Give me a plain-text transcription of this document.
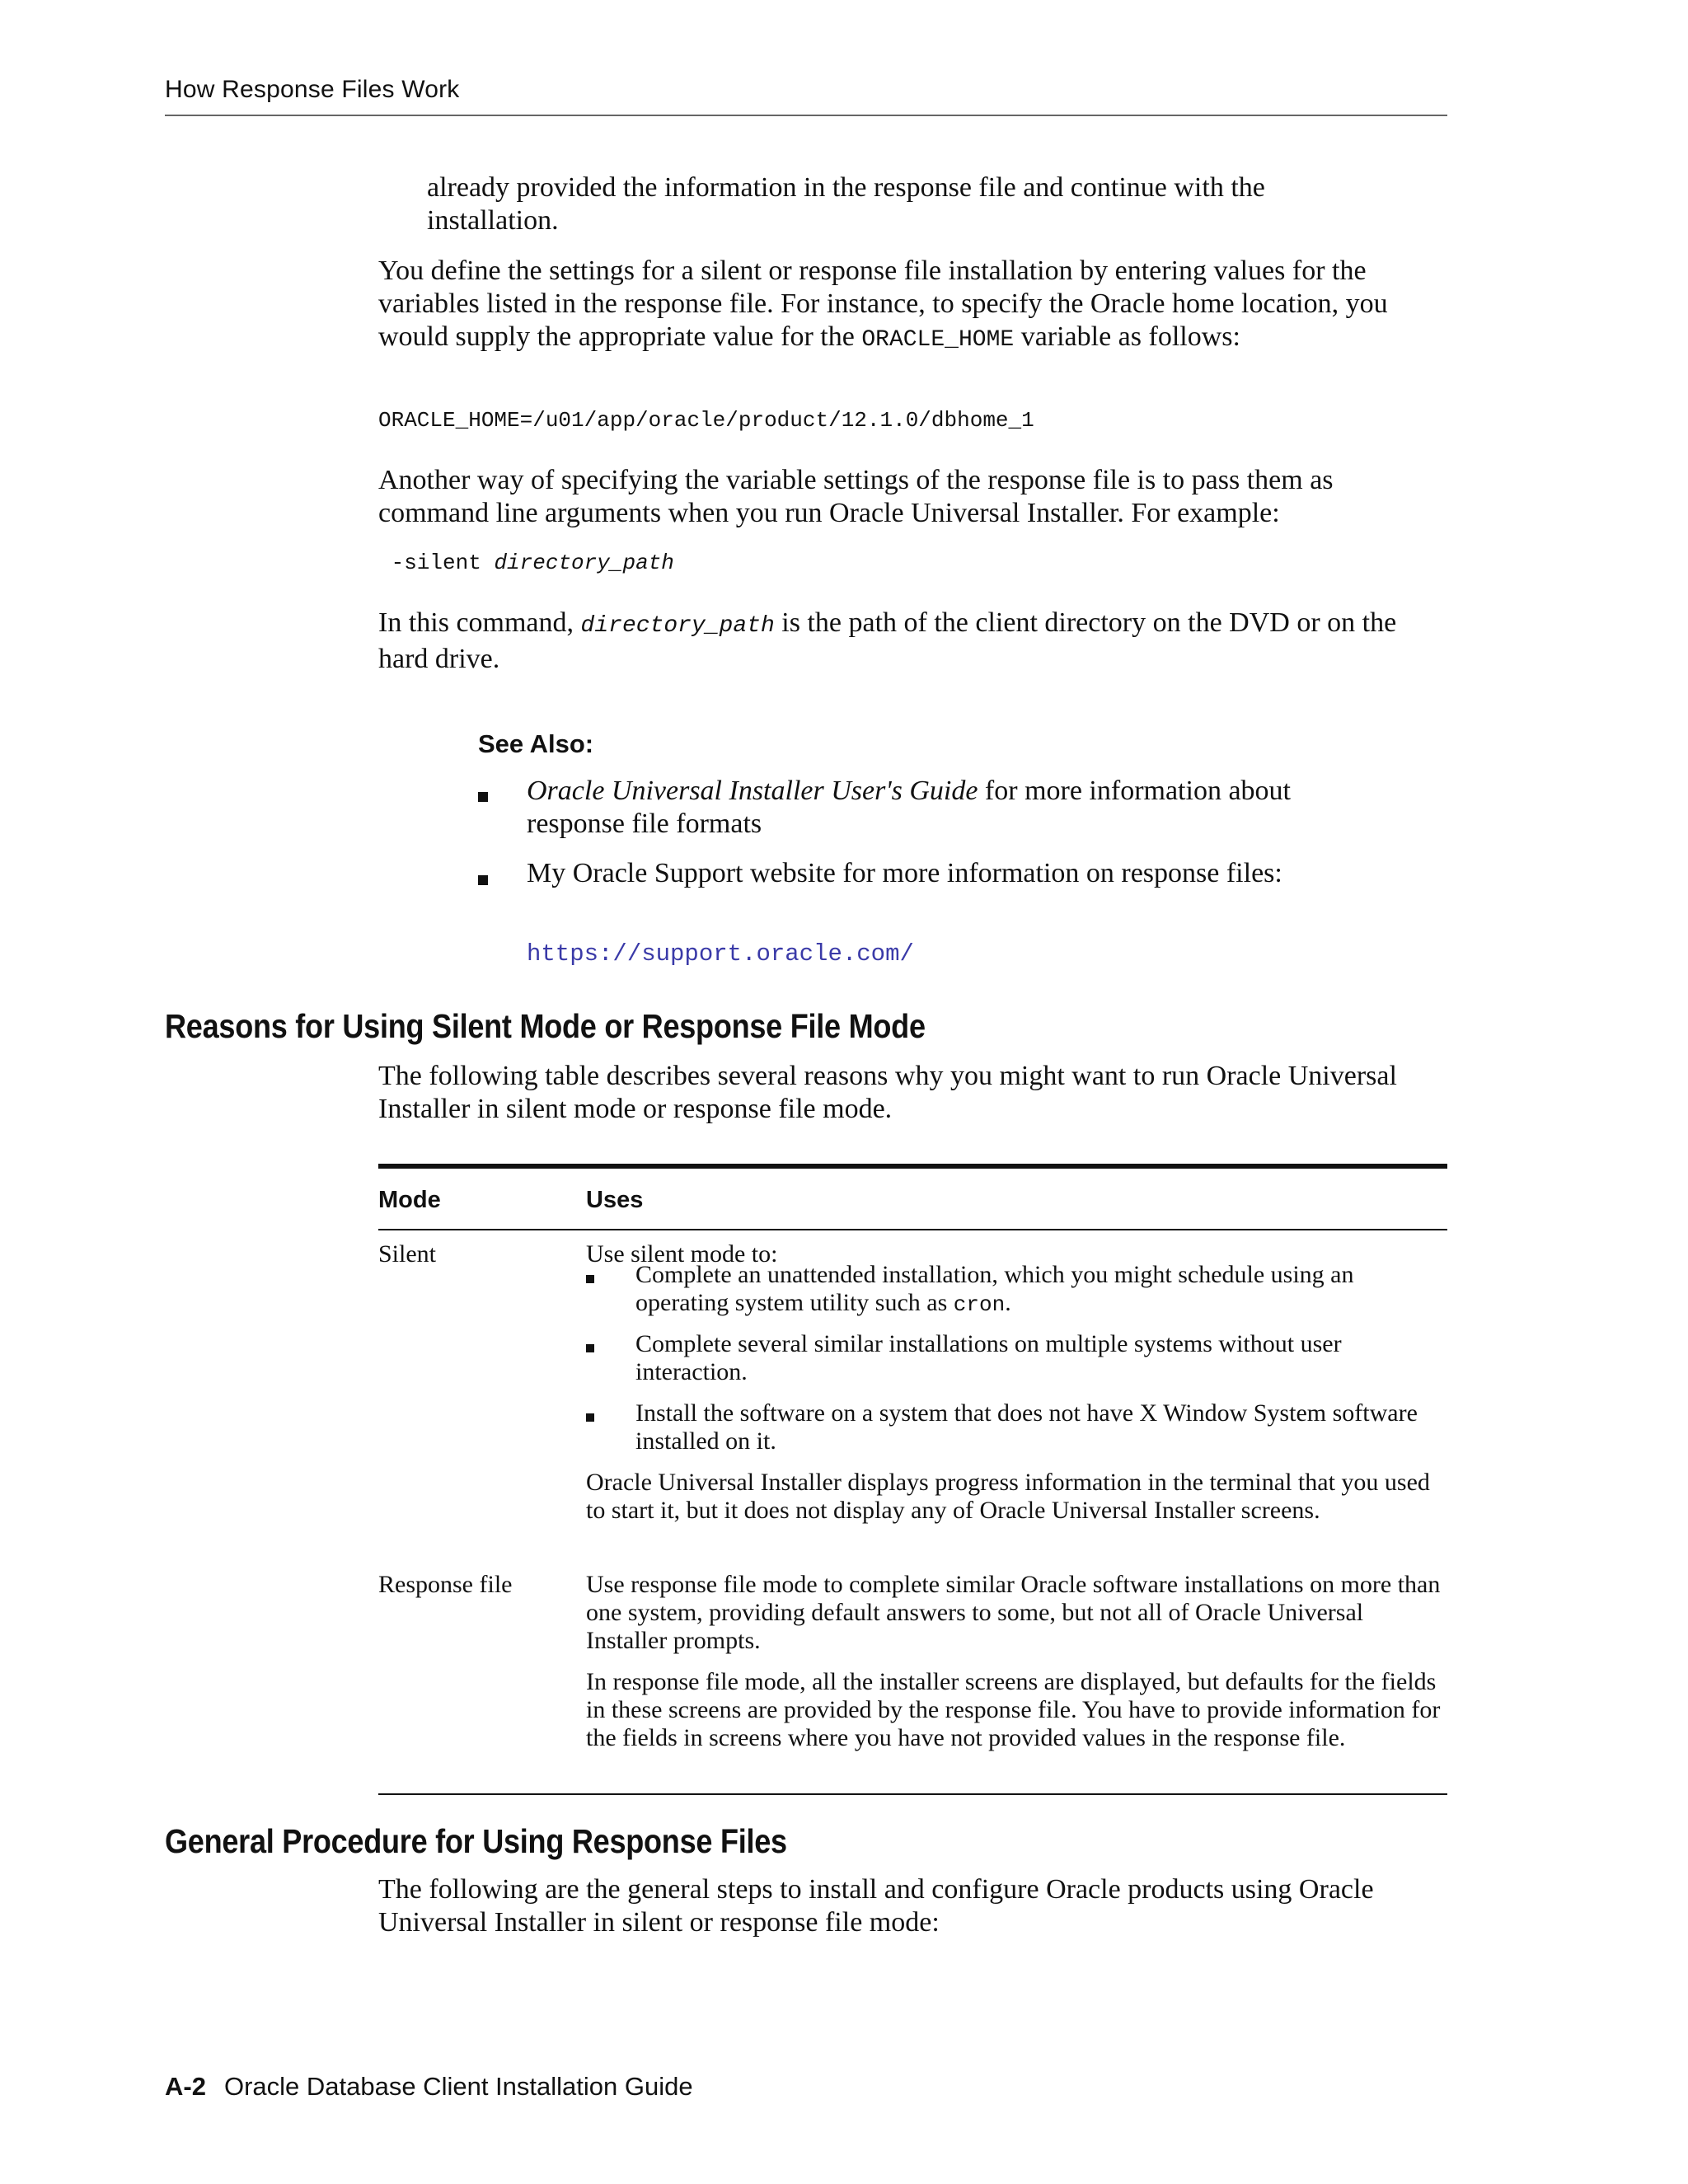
How Response Files Work

already provided the information in the response file and continue with the

installation.

You define the settings for a silent or response file installation by entering values for the variables listed in the response file. For instance, to specify the Oracle home location, you would supply the appropriate value for the ORACLE_HOME variable as follows:

ORACLE_HOME=/u01/app/oracle/product/12.1.0/dbhome_1

Another way of specifying the variable settings of the response file is to pass them as command line arguments when you run Oracle Universal Installer. For example:

-silent directory_path

In this command, directory_path is the path of the client directory on the DVD or on the hard drive.

See Also:

Oracle Universal Installer User's Guide for more information about response file formats

My Oracle Support website for more information on response files:

https://support.oracle.com/

Reasons for Using Silent Mode or Response File Mode

The following table describes several reasons why you might want to run Oracle Universal Installer in silent mode or response file mode.

Mode	Uses

Silent	Use silent mode to:

Complete an unattended installation, which you might schedule using an operating system utility such as cron.

Complete several similar installations on multiple systems without user interaction.

Install the software on a system that does not have X Window System software installed on it.

Oracle Universal Installer displays progress information in the terminal that you used to start it, but it does not display any of Oracle Universal Installer screens.

Response file	Use response file mode to complete similar Oracle software installations on more than one system, providing default answers to some, but not all of Oracle Universal Installer prompts.

In response file mode, all the installer screens are displayed, but defaults for the fields in these screens are provided by the response file. You have to provide information for the fields in screens where you have not provided values in the response file.

General Procedure for Using Response Files

The following are the general steps to install and configure Oracle products using Oracle Universal Installer in silent or response file mode:

A-2 Oracle Database Client Installation Guide
